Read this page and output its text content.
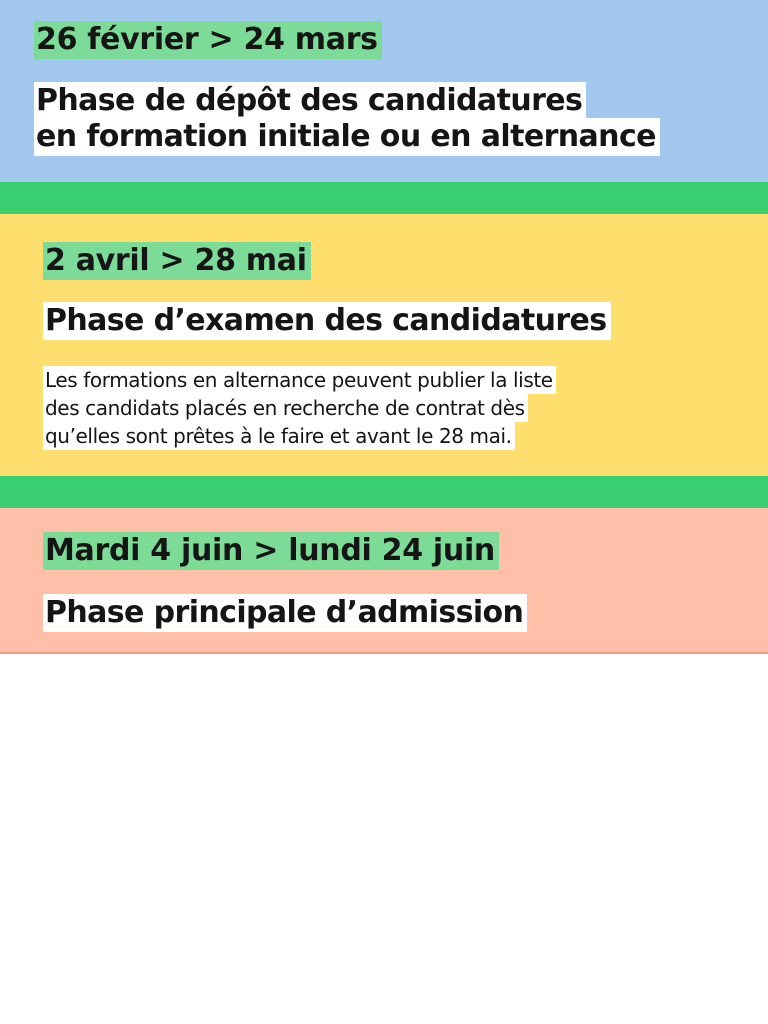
26 février > 24 mars
Phase de dépôt des candidatures
en formation initiale ou en alternance
2 avril > 28 mai
Phase d’examen des candidatures
Les formations en alternance peuvent publier la liste
des candidats placés en recherche de contrat dès
qu’elles sont prêtes à le faire et avant le 28 mai.
Mardi 4 juin > lundi 24 juin
Phase principale d’admission
